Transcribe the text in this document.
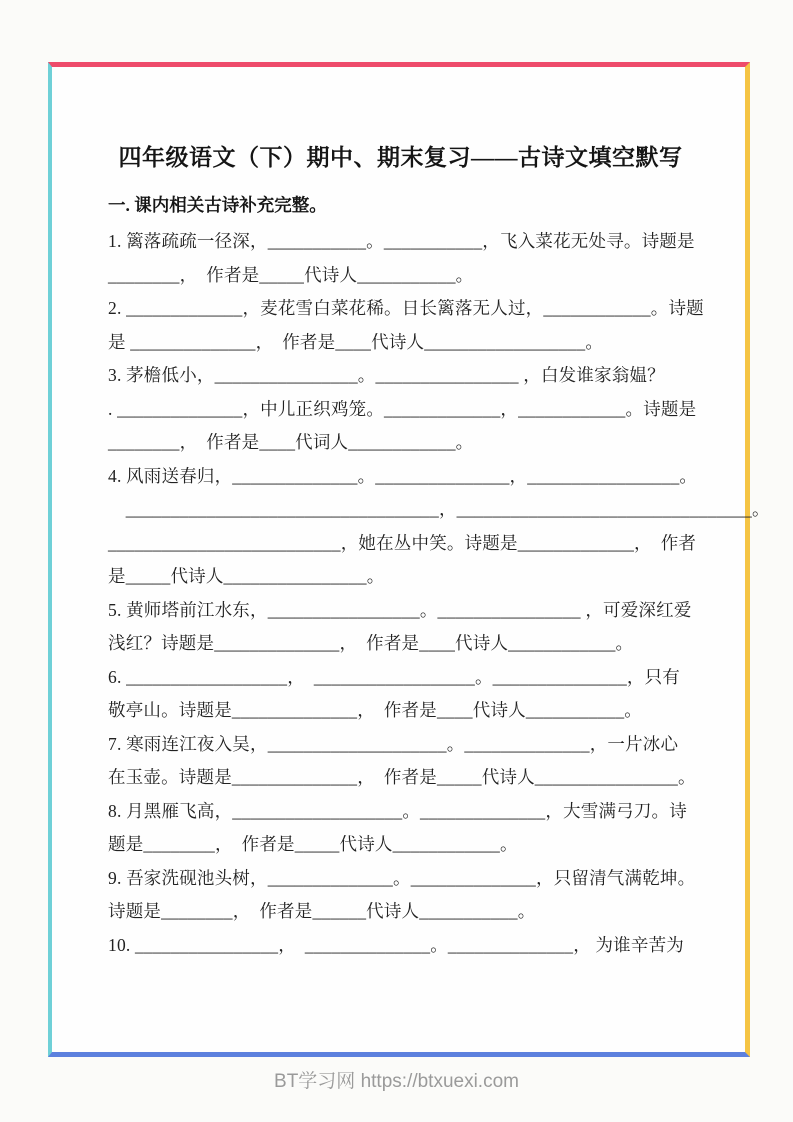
四年级语文（下）期中、期末复习——古诗文填空默写
一. 课内相关古诗补充完整。
1. 篱落疏疏一径深，___________。___________，飞入菜花无处寻。诗题是
________，　作者是_____代诗人___________。
2. _____________，麦花雪白菜花稀。日长篱落无人过，____________。诗题
是 ______________，　作者是____代诗人__________________。
3. 茅檐低小，________________。________________ ，白发谁家翁媪？
. ______________，中儿正织鸡笼。_____________，____________。诗题是
________，　作者是____代词人____________。
4. 风雨送春归，______________。_______________，_________________。
　___________________________________，_________________________________。
__________________________，她在丛中笑。诗题是_____________，　作者
是_____代诗人________________。
5. 黄师塔前江水东，_________________。________________ ，可爱深红爱
浅红？诗题是______________，　作者是____代诗人____________。
6. __________________，　__________________。_______________，只有
敬亭山。诗题是______________，　作者是____代诗人___________。
7. 寒雨连江夜入吴，____________________。______________，一片冰心
在玉壶。诗题是______________，　作者是_____代诗人________________。
8. 月黑雁飞高，___________________。______________，大雪满弓刀。诗
题是________，　作者是_____代诗人____________。
9. 吾家洗砚池头树，______________。______________，只留清气满乾坤。
诗题是________，　作者是______代诗人___________。
10. ________________，　______________。______________， 为谁辛苦为
BT学习网 https://btxuexi.com
